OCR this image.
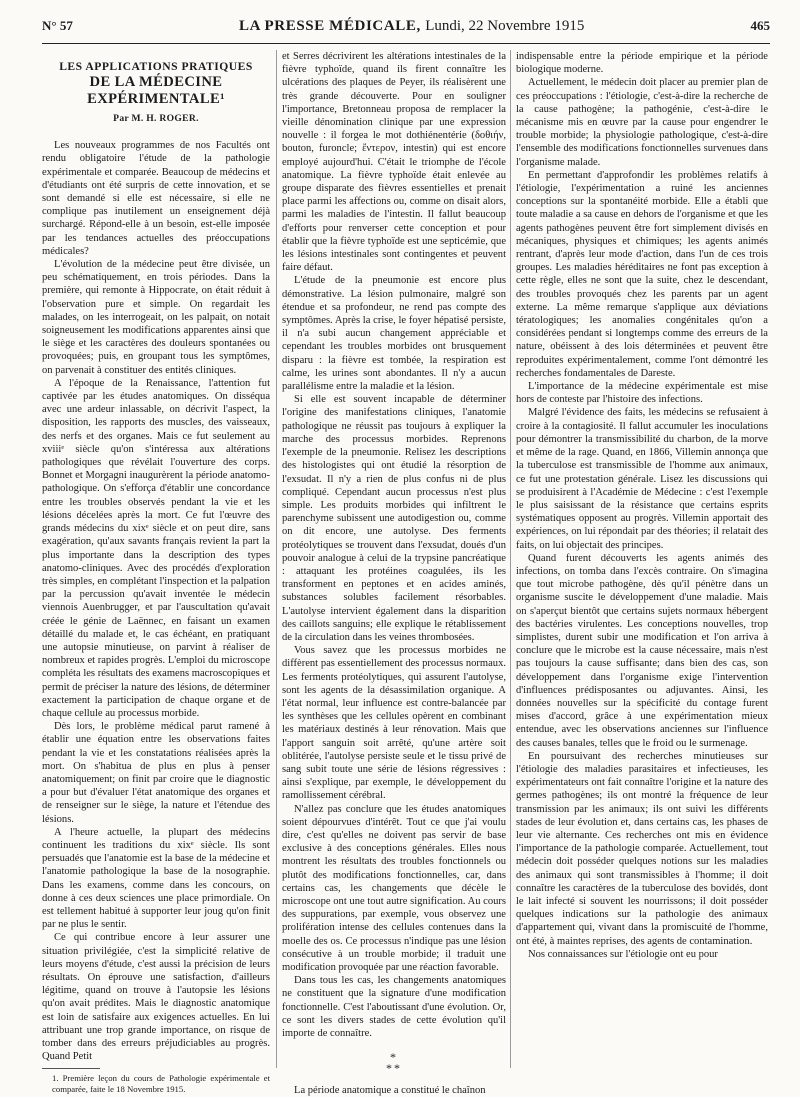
N° 57	LA PRESSE MÉDICALE, Lundi, 22 Novembre 1915	465
LES APPLICATIONS PRATIQUES
DE LA MÉDECINE EXPÉRIMENTALE¹
Par M. H. ROGER.

Les nouveaux programmes de nos Facultés ont rendu obligatoire l'étude de la pathologie expérimentale et comparée. Beaucoup de médecins et d'étudiants ont été surpris de cette innovation, et se sont demandé si elle est nécessaire, si elle ne complique pas inutilement un enseignement déjà surchargé. Répond-elle à un besoin, est-elle imposée par les tendances actuelles des préoccupations médicales?

L'évolution de la médecine peut être divisée, un peu schématiquement, en trois périodes. Dans la première, qui remonte à Hippocrate, on était réduit à l'observation pure et simple. On regardait les malades, on les interrogeait, on les palpait, on notait soigneusement les modifications apparentes ainsi que le siège et les caractères des douleurs spontanées ou provoquées; puis, en groupant tous les symptômes, on parvenait à constituer des entités cliniques.

A l'époque de la Renaissance, l'attention fut captivée par les études anatomiques. On disséqua avec une ardeur inlassable, on décrivit l'aspect, la disposition, les rapports des muscles, des vaisseaux, des nerfs et des organes. Mais ce fut seulement au xviiiᵉ siècle qu'on s'intéressa aux altérations pathologiques que révélait l'ouverture des corps. Bonnet et Morgagni inaugurèrent la période anatomo-pathologique. On s'efforça d'établir une concordance entre les troubles observés pendant la vie et les lésions décelées après la mort. Ce fut l'œuvre des grands médecins du xixᵉ siècle et on peut dire, sans exagération, qu'aux savants français revient la part la plus importante dans la description des types anatomo-cliniques. Avec des procédés d'exploration très simples, en complétant l'inspection et la palpation par la percussion qu'avait inventée le médecin viennois Auenbrugger, et par l'auscultation qu'avait créée le génie de Laënnec, en faisant un examen détaillé du malade et, le cas échéant, en pratiquant une autopsie minutieuse, on parvint à réaliser de nombreux et rapides progrès. L'emploi du microscope compléta les résultats des examens macroscopiques et permit de préciser la nature des lésions, de déterminer exactement la participation de chaque organe et de chaque cellule au processus morbide.

Dès lors, le problème médical parut ramené à établir une équation entre les observations faites pendant la vie et les constatations réalisées après la mort. On s'habitua de plus en plus à penser anatomiquement; on finit par croire que le diagnostic a pour but d'évaluer l'état anatomique des organes et de renseigner sur le siège, la nature et l'étendue des lésions.

A l'heure actuelle, la plupart des médecins continuent les traditions du xixᵉ siècle. Ils sont persuadés que l'anatomie est la base de la médecine et l'anatomie pathologique la base de la nosographie. Dans les examens, comme dans les concours, on donne à ces deux sciences une place primordiale. On est tellement habitué à supporter leur joug qu'on finit par ne plus le sentir.

Ce qui contribue encore à leur assurer une situation privilégiée, c'est la simplicité relative de leurs moyens d'étude, c'est aussi la précision de leurs résultats. On éprouve une satisfaction, d'ailleurs légitime, quand on trouve à l'autopsie les lésions qu'on avait prédites. Mais le diagnostic anatomique est loin de satisfaire aux exigences actuelles. En lui attribuant une trop grande importance, on risque de tomber dans des erreurs préjudiciables au progrès. Quand Petit

1. Première leçon du cours de Pathologie expérimentale et comparée, faite le 18 Novembre 1915.

et Serres décrivirent les altérations intestinales de la fièvre typhoïde, quand ils firent connaître les ulcérations des plaques de Peyer, ils réalisèrent une très grande découverte. Pour en souligner l'importance, Bretonneau proposa de remplacer la vieille dénomination clinique par une expression nouvelle : il forgea le mot dothiénentérie (δοθιήν, bouton, furoncle; ἔντερον, intestin) qui est encore employé aujourd'hui. C'était le triomphe de l'école anatomique. La fièvre typhoïde était enlevée au groupe disparate des fièvres essentielles et prenait place parmi les affections ou, comme on disait alors, parmi les maladies de l'intestin. Il fallut beaucoup d'efforts pour renverser cette conception et pour établir que la fièvre typhoïde est une septicémie, que les lésions intestinales sont contingentes et peuvent faire défaut.

L'étude de la pneumonie est encore plus démonstrative. La lésion pulmonaire, malgré son étendue et sa profondeur, ne rend pas compte des symptômes. Après la crise, le foyer hépatisé persiste, il n'a subi aucun changement appréciable et cependant les troubles morbides ont brusquement disparu : la fièvre est tombée, la respiration est calme, les urines sont abondantes. Il n'y a aucun parallélisme entre la maladie et la lésion.

Si elle est souvent incapable de déterminer l'origine des manifestations cliniques, l'anatomie pathologique ne réussit pas toujours à expliquer la marche des processus morbides. Reprenons l'exemple de la pneumonie. Relisez les descriptions des histologistes qui ont étudié la résorption de l'exsudat. Il n'y a rien de plus confus ni de plus compliqué. Cependant aucun processus n'est plus simple. Les produits morbides qui infiltrent le parenchyme subissent une autodigestion ou, comme on dit encore, une autolyse. Des ferments protéolytiques se trouvent dans l'exsudat, doués d'un pouvoir analogue à celui de la trypsine pancréatique : attaquant les protéines coagulées, ils les transforment en peptones et en acides aminés, substances solubles facilement résorbables. L'autolyse intervient également dans la disparition des caillots sanguins; elle explique le rétablissement de la circulation dans les veines thrombosées.

Vous savez que les processus morbides ne diffèrent pas essentiellement des processus normaux. Les ferments protéolytiques, qui assurent l'autolyse, sont les agents de la désassimilation organique. A l'état normal, leur influence est contre-balancée par les synthèses que les cellules opèrent en combinant les matériaux destinés à leur rénovation. Mais que l'apport sanguin soit arrêté, qu'une artère soit oblitérée, l'autolyse persiste seule et le tissu privé de sang subit toute une série de lésions régressives : ainsi s'explique, par exemple, le développement du ramollissement cérébral.

N'allez pas conclure que les études anatomiques soient dépourvues d'intérêt. Tout ce que j'ai voulu dire, c'est qu'elles ne doivent pas servir de base exclusive à des conceptions générales. Elles nous montrent les résultats des troubles fonctionnels ou plutôt des modifications fonctionnelles, car, dans certains cas, les changements que décèle le microscope ont une tout autre signification. Au cours des suppurations, par exemple, vous observez une prolifération intense des cellules contenues dans la moelle des os. Ce processus n'indique pas une lésion consécutive à un trouble morbide; il traduit une modification provoquée par une réaction favorable.

Dans tous les cas, les changements anatomiques ne constituent que la signature d'une modification fonctionnelle. C'est l'aboutissant d'une évolution. Or, ce sont les divers stades de cette évolution qu'il importe de connaître.

*
**

La période anatomique a constitué le chaînon

indispensable entre la période empirique et la période biologique moderne.

Actuellement, le médecin doit placer au premier plan de ces préoccupations : l'étiologie, c'est-à-dire la recherche de la cause pathogène; la pathogénie, c'est-à-dire le mécanisme mis en œuvre par la cause pour engendrer le trouble morbide; la physiologie pathologique, c'est-à-dire l'ensemble des modifications fonctionnelles survenues dans l'organisme malade.

En permettant d'approfondir les problèmes relatifs à l'étiologie, l'expérimentation a ruiné les anciennes conceptions sur la spontanéité morbide. Elle a établi que toute maladie a sa cause en dehors de l'organisme et que les agents pathogènes peuvent être fort simplement divisés en mécaniques, physiques et chimiques; les agents animés rentrant, d'après leur mode d'action, dans l'un de ces trois groupes. Les maladies héréditaires ne font pas exception à cette règle, elles ne sont que la suite, chez le descendant, des troubles provoqués chez les parents par un agent externe. La même remarque s'applique aux déviations tératologiques; les anomalies congénitales qu'on a considérées pendant si longtemps comme des erreurs de la nature, obéissent à des lois déterminées et peuvent être reproduites expérimentalement, comme l'ont démontré les recherches fondamentales de Dareste.

L'importance de la médecine expérimentale est mise hors de conteste par l'histoire des infections.

Malgré l'évidence des faits, les médecins se refusaient à croire à la contagiosité. Il fallut accumuler les inoculations pour démontrer la transmissibilité du charbon, de la morve et même de la rage. Quand, en 1866, Villemin annonça que la tuberculose est transmissible de l'homme aux animaux, ce fut une protestation générale. Lisez les discussions qui se produisirent à l'Académie de Médecine : c'est l'exemple le plus saisissant de la résistance que certains esprits systématiques opposent au progrès. Villemin apportait des expériences, on lui répondait par des théories; il relatait des faits, on lui objectait des principes.

Quand furent découverts les agents animés des infections, on tomba dans l'excès contraire. On s'imagina que tout microbe pathogène, dès qu'il pénètre dans un organisme suscite le développement d'une maladie. Mais on s'aperçut bientôt que certains sujets normaux hébergent des bactéries virulentes. Les conceptions nouvelles, trop simplistes, durent subir une modification et l'on arriva à conclure que le microbe est la cause nécessaire, mais n'est pas toujours la cause suffisante; dans bien des cas, son développement dans l'organisme exige l'intervention d'influences prédisposantes ou adjuvantes. Ainsi, les données nouvelles sur la spécificité du contage furent mises d'accord, grâce à une expérimentation mieux entendue, avec les observations anciennes sur l'influence des causes banales, telles que le froid ou le surmenage.

En poursuivant des recherches minutieuses sur l'étiologie des maladies parasitaires et infectieuses, les expérimentateurs ont fait connaître l'origine et la nature des germes pathogènes; ils ont montré la fréquence de leur transmission par les animaux; ils ont suivi les différents stades de leur évolution et, dans certains cas, les phases de leur vie alternante. Ces recherches ont mis en évidence l'importance de la pathologie comparée. Actuellement, tout médecin doit posséder quelques notions sur les maladies des animaux qui sont transmissibles à l'homme; il doit connaître les caractères de la tuberculose des bovidés, dont le lait infecté si souvent les nourrissons; il doit posséder quelques indications sur la pathologie des animaux d'appartement qui, vivant dans la promiscuité de l'homme, ont été, à maintes reprises, des agents de contamination.

Nos connaissances sur l'étiologie ont eu pour
